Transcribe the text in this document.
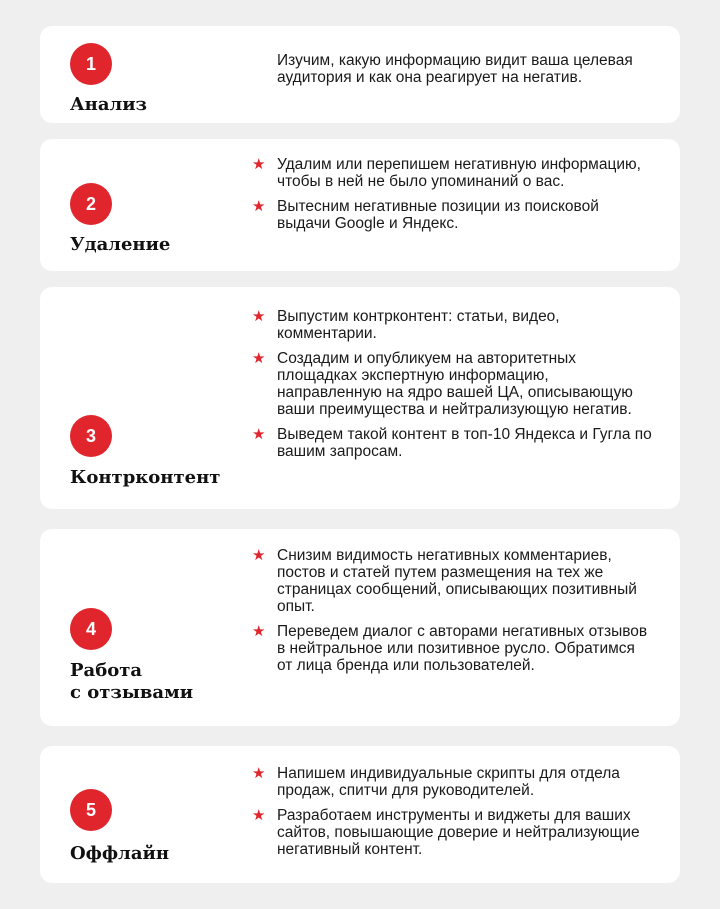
1
Анализ
Изучим, какую информацию видит ваша целевая аудитория и как она реагирует на негатив.
2
Удаление
★ Удалим или перепишем негативную информацию, чтобы в ней не было упоминаний о вас.
★ Вытесним негативные позиции из поисковой выдачи Google и Яндекс.
3
Контрконтент
★ Выпустим контрконтент: статьи, видео, комментарии.
★ Создадим и опубликуем на авторитетных площадках экспертную информацию, направленную на ядро вашей ЦА, описывающую ваши преимущества и нейтрализующую негатив.
★ Выведем такой контент в топ-10 Яндекса и Гугла по вашим запросам.
4
Работа
с отзывами
★ Снизим видимость негативных комментариев, постов и статей путем размещения на тех же страницах сообщений, описывающих позитивный опыт.
★ Переведем диалог с авторами негативных отзывов в нейтральное или позитивное русло. Обратимся от лица бренда или пользователей.
5
Оффлайн
★ Напишем индивидуальные скрипты для отдела продаж, спитчи для руководителей.
★ Разработаем инструменты и виджеты для ваших сайтов, повышающие доверие и нейтрализующие негативный контент.
